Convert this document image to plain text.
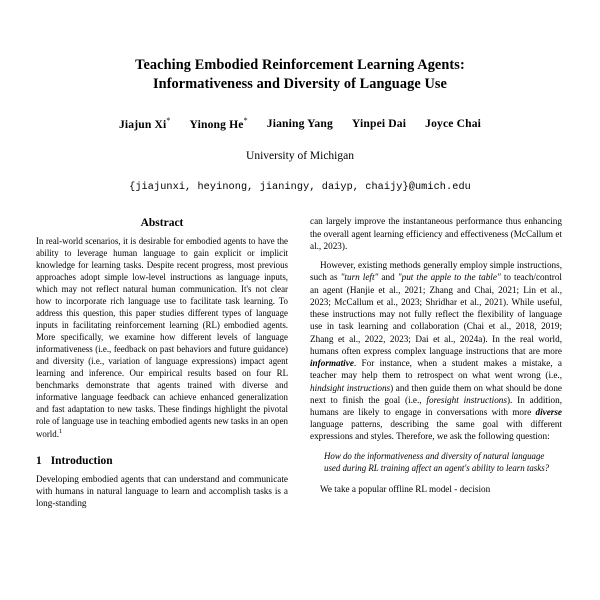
Teaching Embodied Reinforcement Learning Agents:
Informativeness and Diversity of Language Use
Jiajun Xi* Yinong He* Jianing Yang Yinpei Dai Joyce Chai
University of Michigan
{jiajunxi, heyinong, jianingy, daiyp, chaijy}@umich.edu
Abstract

In real-world scenarios, it is desirable for embodied agents to have the ability to leverage human language to gain explicit or implicit knowledge for learning tasks. Despite recent progress, most previous approaches adopt simple low-level instructions as language inputs, which may not reflect natural human communication. It's not clear how to incorporate rich language use to facilitate task learning. To address this question, this paper studies different types of language inputs in facilitating reinforcement learning (RL) embodied agents. More specifically, we examine how different levels of language informativeness (i.e., feedback on past behaviors and future guidance) and diversity (i.e., variation of language expressions) impact agent learning and inference. Our empirical results based on four RL benchmarks demonstrate that agents trained with diverse and informative language feedback can achieve enhanced generalization and fast adaptation to new tasks. These findings highlight the pivotal role of language use in teaching embodied agents new tasks in an open world.$^1$

1 Introduction

Developing embodied agents that can understand and communicate with humans in natural language to learn and accomplish tasks is a long-standing

can largely improve the instantaneous performance thus enhancing the overall agent learning efficiency and effectiveness (McCallum et al., 2023).

However, existing methods generally employ simple instructions, such as "turn left" and "put the apple to the table" to teach/control an agent (Hanjie et al., 2021; Zhang and Chai, 2021; Lin et al., 2023; McCallum et al., 2023; Shridhar et al., 2021). While useful, these instructions may not fully reflect the flexibility of language use in task learning and collaboration (Chai et al., 2018, 2019; Zhang et al., 2022, 2023; Dai et al., 2024a). In the real world, humans often express complex language instructions that are more informative. For instance, when a student makes a mistake, a teacher may help them to retrospect on what went wrong (i.e., hindsight instructions) and then guide them on what should be done next to finish the goal (i.e., foresight instructions). In addition, humans are likely to engage in conversations with more diverse language patterns, describing the same goal with different expressions and styles. Therefore, we ask the following question:

How do the informativeness and diversity of natural language used during RL training affect an agent's ability to learn tasks?

We take a popular offline RL model - decision
